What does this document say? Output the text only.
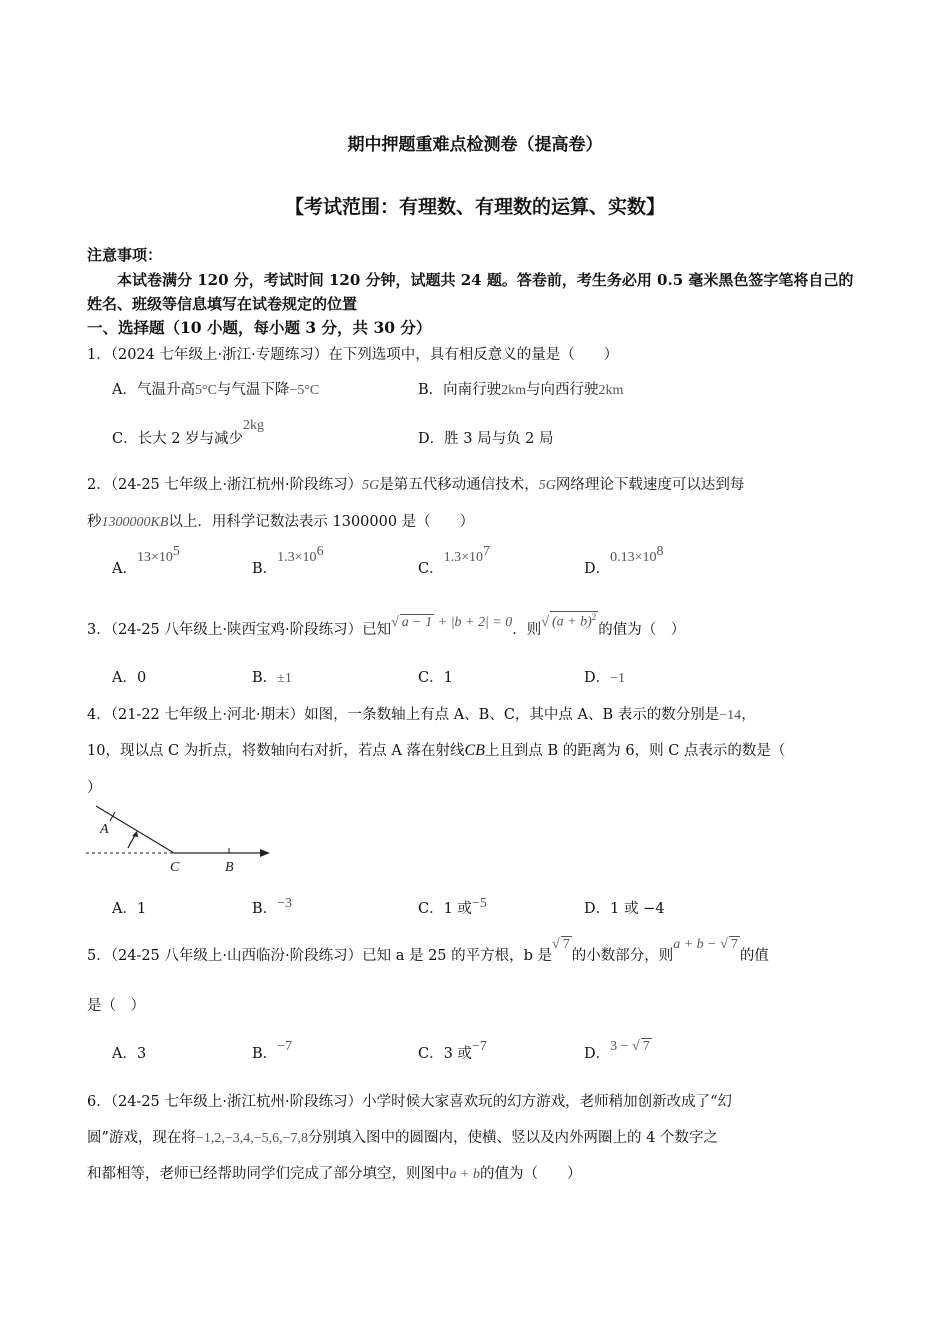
期中押题重难点检测卷（提高卷）
【考试范围：有理数、有理数的运算、实数】
注意事项：
本试卷满分 120 分，考试时间 120 分钟，试题共 24 题。答卷前，考生务必用 0.5 毫米黑色签字笔将自己的姓名、班级等信息填写在试卷规定的位置
一、选择题（10 小题，每小题 3 分，共 30 分）
1．（2024 七年级上·浙江·专题练习）在下列选项中，具有相反意义的量是（　　）
A．气温升高5°C与气温下降−5°C	B．向南行驶2km与向西行驶2km
C．长大 2 岁与减少2kg
D．胜 3 局与负 2 局
2．（24-25 七年级上·浙江杭州·阶段练习）5G是第五代移动通信技术，5G网络理论下载速度可以达到每
秒1300000KB以上．用科学记数法表示 1300000 是（　　）
A．$13\times 10^5$
B．$1.3\times 10^6$
C．$1.3\times 10^7$
D．$0.13\times 10^8$
3．（24-25 八年级上·陕西宝鸡·阶段练习）已知√ a − 1 + |b + 2| = 0．则√ $(a + b)^2$的值为（　）
A．0	B．±1	C．1	D．−1
4．（21-22 七年级上·河北·期末）如图，一条数轴上有点 A、B、C，其中点 A、B 表示的数分别是−14，
10，现以点 C 为折点，将数轴向右对折，若点 A 落在射线CB上且到点 B 的距离为 6，则 C 点表示的数是（
）
A
C	B
A．1	B．−3	C．1 或−5	D．1 或 −4
5．（24-25 八年级上·山西临汾·阶段练习）已知 a 是 25 的平方根，b 是√ 7的小数部分，则a + b − √ 7的值
是（　）
A．3	B．−7	C．3 或−7	D．3 − √ 7
6．（24-25 七年级上·浙江杭州·阶段练习）小学时候大家喜欢玩的幻方游戏，老师稍加创新改成了“幻
圆”游戏，现在将−1,2,−3,4,−5,6,−7,8分别填入图中的圆圈内，使横、竖以及内外两圈上的 4 个数字之
和都相等，老师已经帮助同学们完成了部分填空，则图中a + b的值为（　　）
